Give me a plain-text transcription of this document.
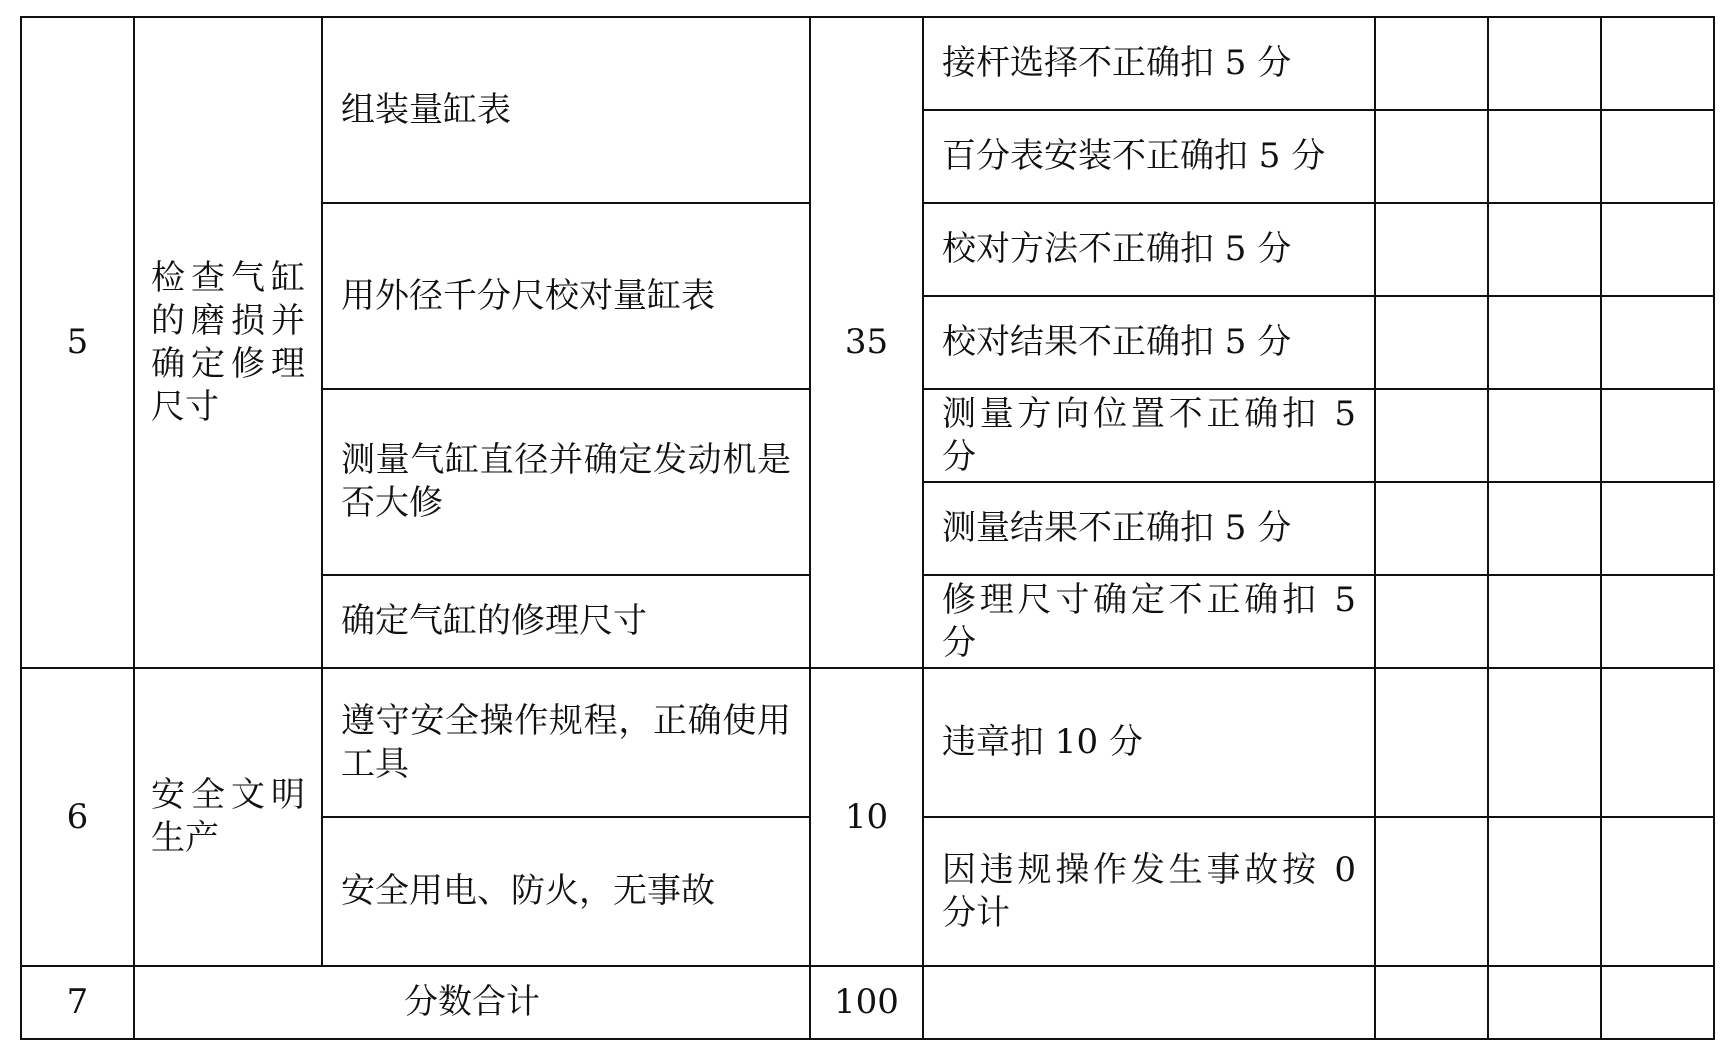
5	检查气缸的磨损并确定修理尺寸	组装量缸表	35	接杆选择不正确扣 5 分			
				百分表安装不正确扣 5 分			
		用外径千分尺校对量缸表		校对方法不正确扣 5 分			
				校对结果不正确扣 5 分			
		测量气缸直径并确定发动机是否大修		测量方向位置不正确扣 5 分			
				测量结果不正确扣 5 分			
		确定气缸的修理尺寸		修理尺寸确定不正确扣 5 分			
6	安全文明生产	遵守安全操作规程，正确使用工具	10	违章扣 10 分			
		安全用电、防火，无事故		因违规操作发生事故按 0 分计			
7	分数合计		100				
